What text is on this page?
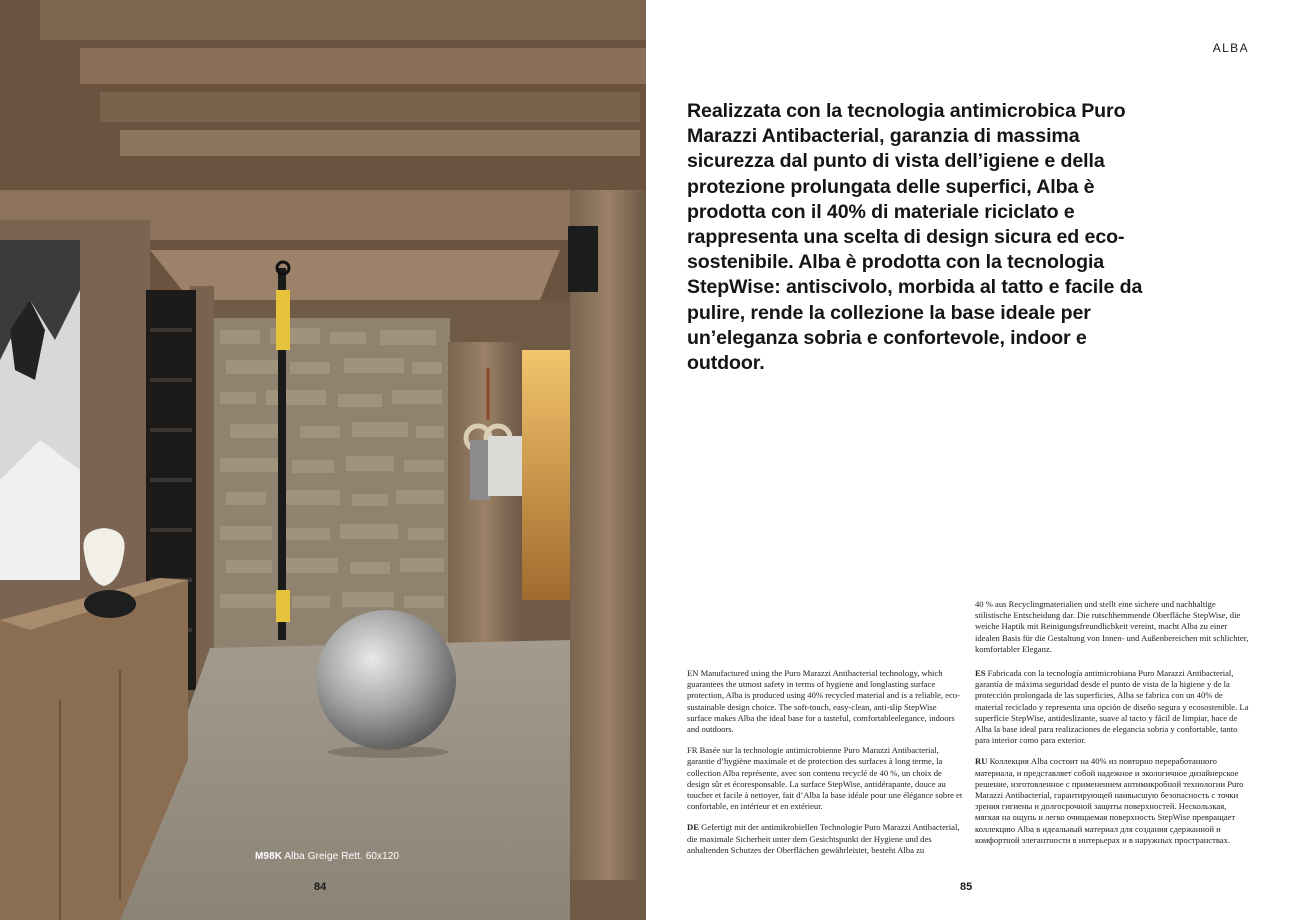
M98K Alba Greige Rett. 60x120
84
ALBA
Realizzata con la tecnologia antimicrobica Puro Marazzi Antibacterial, garanzia di massima sicurezza dal punto di vista dell’igiene e della protezione prolungata delle superfici, Alba è prodotta con il 40% di materiale riciclato e rappresenta una scelta di design sicura ed eco-sostenibile. Alba è prodotta con la tecnologia StepWise: antiscivolo, morbida al tatto e facile da pulire, rende la collezione la base ideale per un’eleganza sobria e confortevole, indoor e outdoor.

EN Manufactured using the Puro Marazzi Antibacterial technology, which guarantees the utmost safety in terms of hygiene and longlasting surface protection, Alba is produced using 40% recycled material and is a reliable, eco-sustainable design choice. The soft-touch, easy-clean, anti-slip StepWise surface makes Alba the ideal base for a tasteful, comfortableelegance, indoors and outdoors.

FR Basée sur la technologie antimicrobienne Puro Marazzi Antibacterial, garantie d’hygiène maximale et de protection des surfaces à long terme, la collection Alba représente, avec son contenu recyclé de 40 %, un choix de design sûr et écoresponsable. La surface StepWise, antidérapante, douce au toucher et facile à nettoyer, fait d’Alba la base idéale pour une élégance sobre et confortable, en intérieur et en extérieur.

DE Gefertigt mit der antimikrobiellen Technologie Puro Marazzi Antibacterial, die maximale Sicherheit unter dem Gesichtspunkt der Hygiene und des anhaltenden Schutzes der Oberflächen gewährleistet, besteht Alba zu

40 % aus Recyclingmaterialien und stellt eine sichere und nachhaltige stilistische Entscheidung dar. Die rutschhemmende Oberfläche StepWise, die weiche Haptik mit Reinigungsfreundlichkeit vereint, macht Alba zu einer idealen Basis für die Gestaltung von Innen- und Außenbereichen mit schlichter, komfortabler Eleganz.

ES Fabricada con la tecnología antimicrobiana Puro Marazzi Antibacterial, garantía de máxima seguridad desde el punto de vista de la higiene y de la protección prolongada de las superficies, Alba se fabrica con un 40% de material reciclado y representa una opción de diseño segura y ecosostenible. La superficie StepWise, antideslizante, suave al tacto y fácil de limpiar, hace de Alba la base ideal para realizaciones de elegancia sobria y confortable, tanto para interior como para exterior.

RU Коллекция Alba состоит на 40% из повторно переработанного материала, и представляет собой надежное и экологичное дизайнерское решение, изготовленное с применением антимикробной технологии Puro Marazzi Antibacterial, гарантирующей наивысшую безопасность с точки зрения гигиены и долгосрочной защиты поверхностей. Нескользкая, мягкая на ощупь и легко очищаемая поверхность StepWise превращает коллекцию Alba в идеальный материал для создания сдержанной и комфортной элегантности в интерьерах и в наружных пространствах.

85
